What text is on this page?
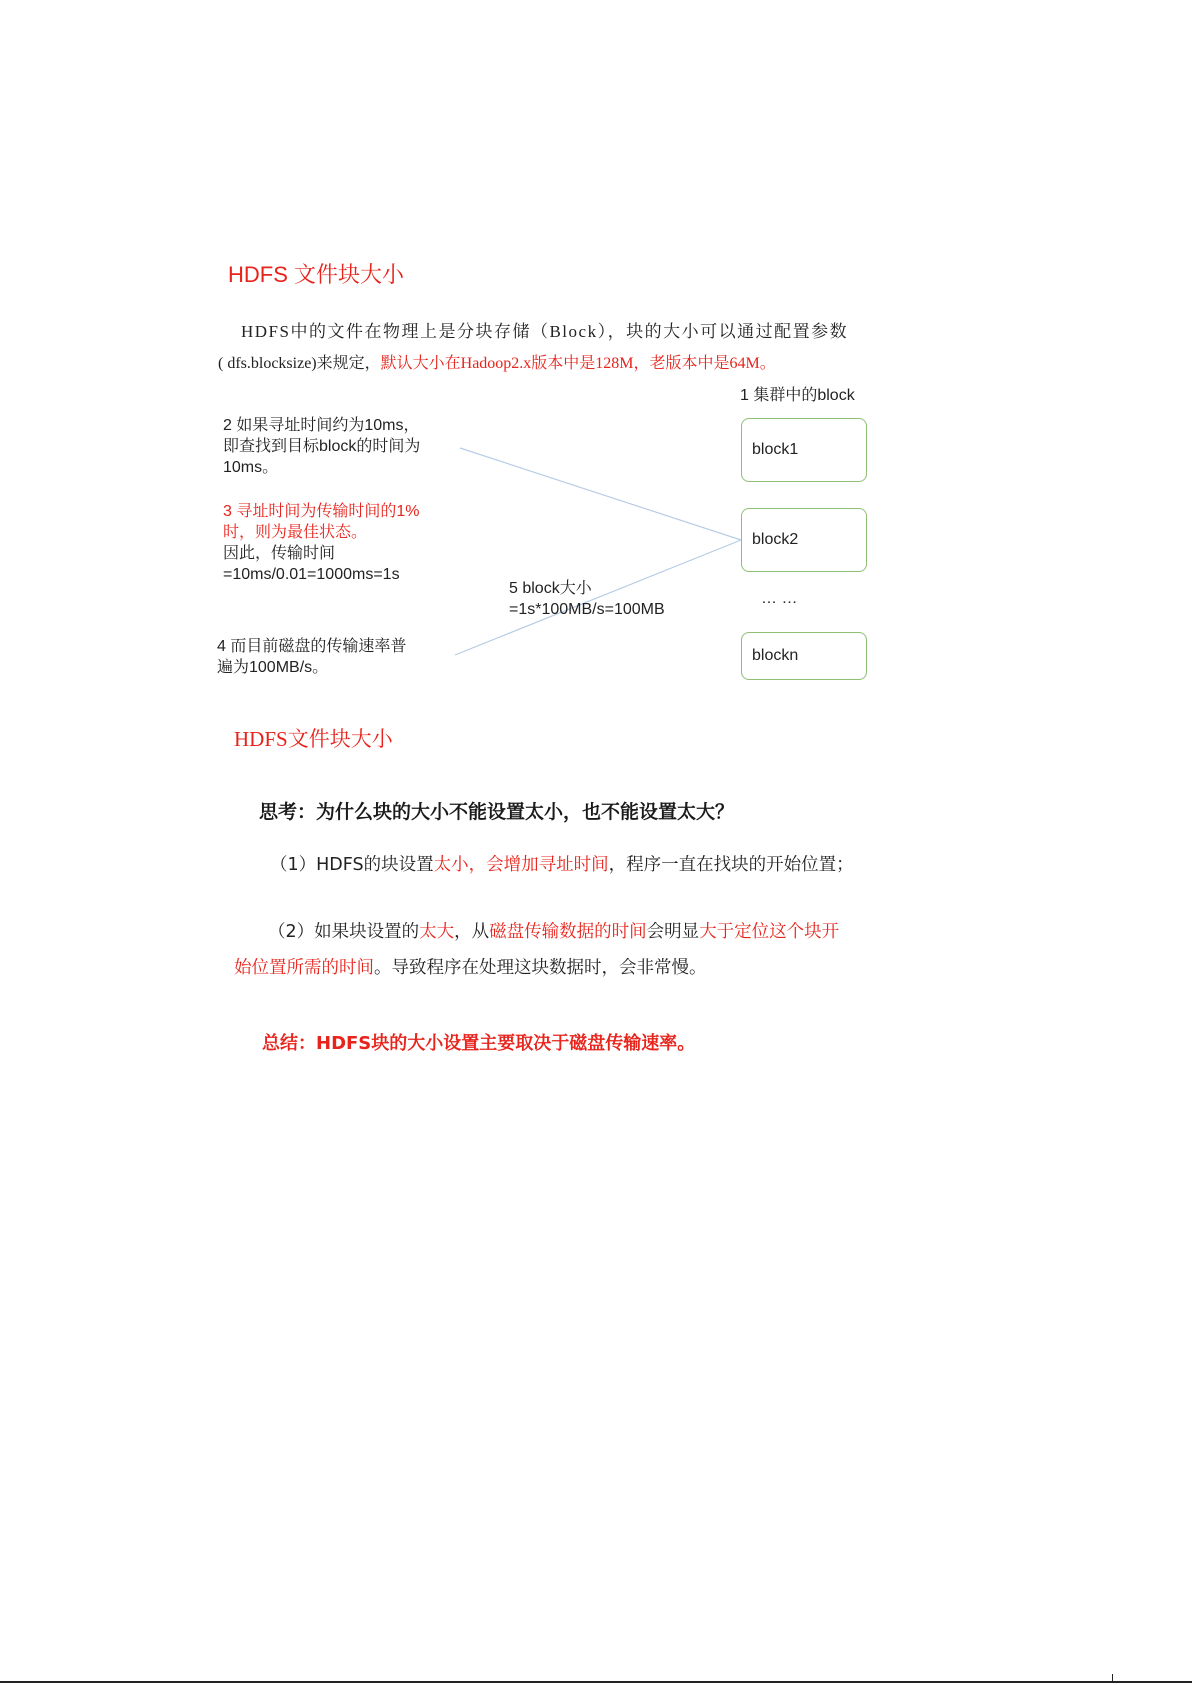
HDFS 文件块大小
HDFS中的文件在物理上是分块存储（Block），块的大小可以通过配置参数
( dfs.blocksize)来规定，默认大小在Hadoop2.x版本中是128M，老版本中是64M。
1 集群中的block
2 如果寻址时间约为10ms，
即查找到目标block的时间为
10ms。
3 寻址时间为传输时间的1%
时，则为最佳状态。
因此，传输时间
=10ms/0.01=1000ms=1s
4 而目前磁盘的传输速率普
遍为100MB/s。
5 block大小
=1s*100MB/s=100MB
block1
block2
… …
blockn
HDFS文件块大小
思考：为什么块的大小不能设置太小，也不能设置太大？
（1）HDFS的块设置太小，会增加寻址时间，程序一直在找块的开始位置；
（2）如果块设置的太大，从磁盘传输数据的时间会明显大于定位这个块开
始位置所需的时间。导致程序在处理这块数据时，会非常慢。
总结：HDFS块的大小设置主要取决于磁盘传输速率。
